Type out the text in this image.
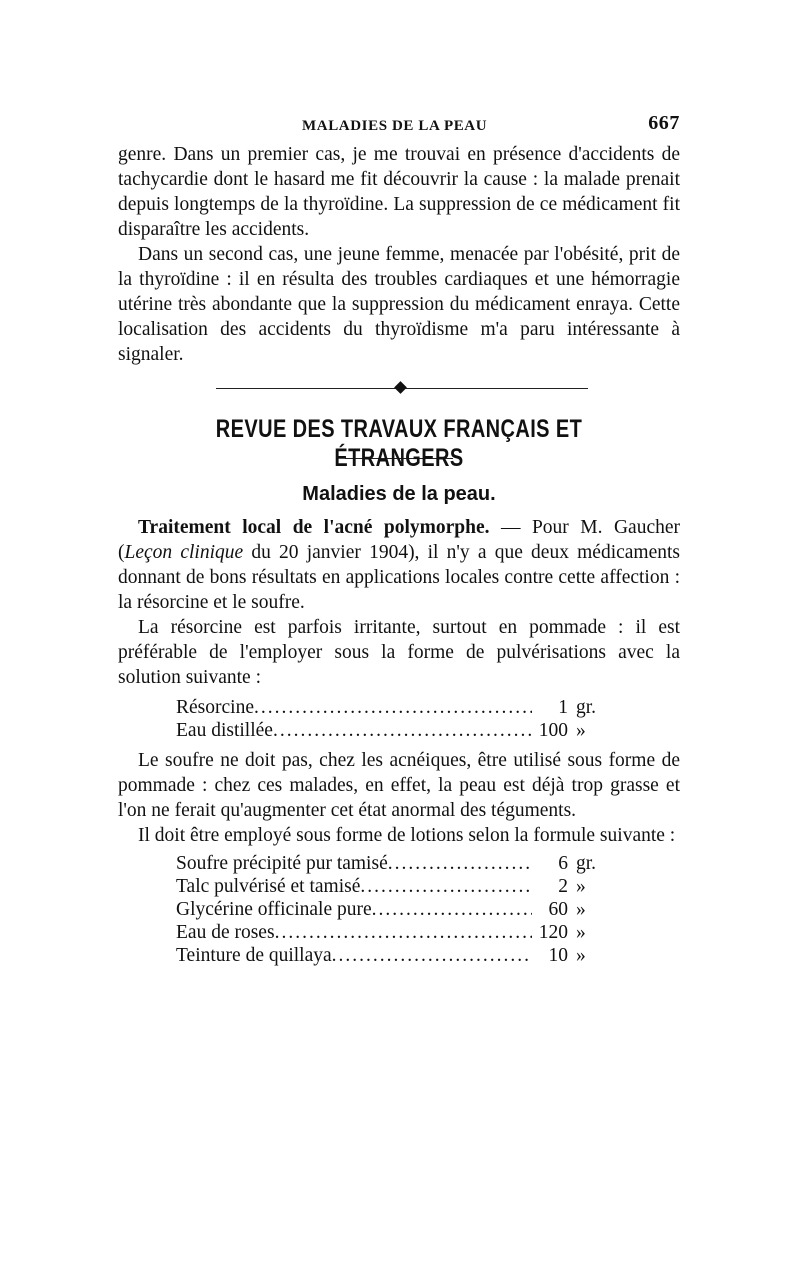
MALADIES DE LA PEAU	667

genre. Dans un premier cas, je me trouvai en présence d'accidents de tachycardie dont le hasard me fit découvrir la cause : la malade prenait depuis longtemps de la thyroïdine. La suppression de ce médicament fit disparaître les accidents.

Dans un second cas, une jeune femme, menacée par l'obésité, prit de la thyroïdine : il en résulta des troubles cardiaques et une hémorragie utérine très abondante que la suppression du médicament enraya. Cette localisation des accidents du thyroïdisme m'a paru intéressante à signaler.

REVUE DES TRAVAUX FRANÇAIS ET ÉTRANGERS
Maladies de la peau.

Traitement local de l'acné polymorphe. — Pour M. Gaucher (Leçon clinique du 20 janvier 1904), il n'y a que deux médicaments donnant de bons résultats en applications locales contre cette affection : la résorcine et le soufre.

La résorcine est parfois irritante, surtout en pommade : il est préférable de l'employer sous la forme de pulvérisations avec la solution suivante :

Résorcine .....	1 gr.
Eau distillée .....	100 »

Le soufre ne doit pas, chez les acnéiques, être utilisé sous forme de pommade : chez ces malades, en effet, la peau est déjà trop grasse et l'on ne ferait qu'augmenter cet état anormal des téguments.

Il doit être employé sous forme de lotions selon la formule suivante :

Soufre précipité pur tamisé .....	6 gr.
Talc pulvérisé et tamisé .....	2 »
Glycérine officinale pure .....	60 »
Eau de roses .....	120 »
Teinture de quillaya .....	10 »
